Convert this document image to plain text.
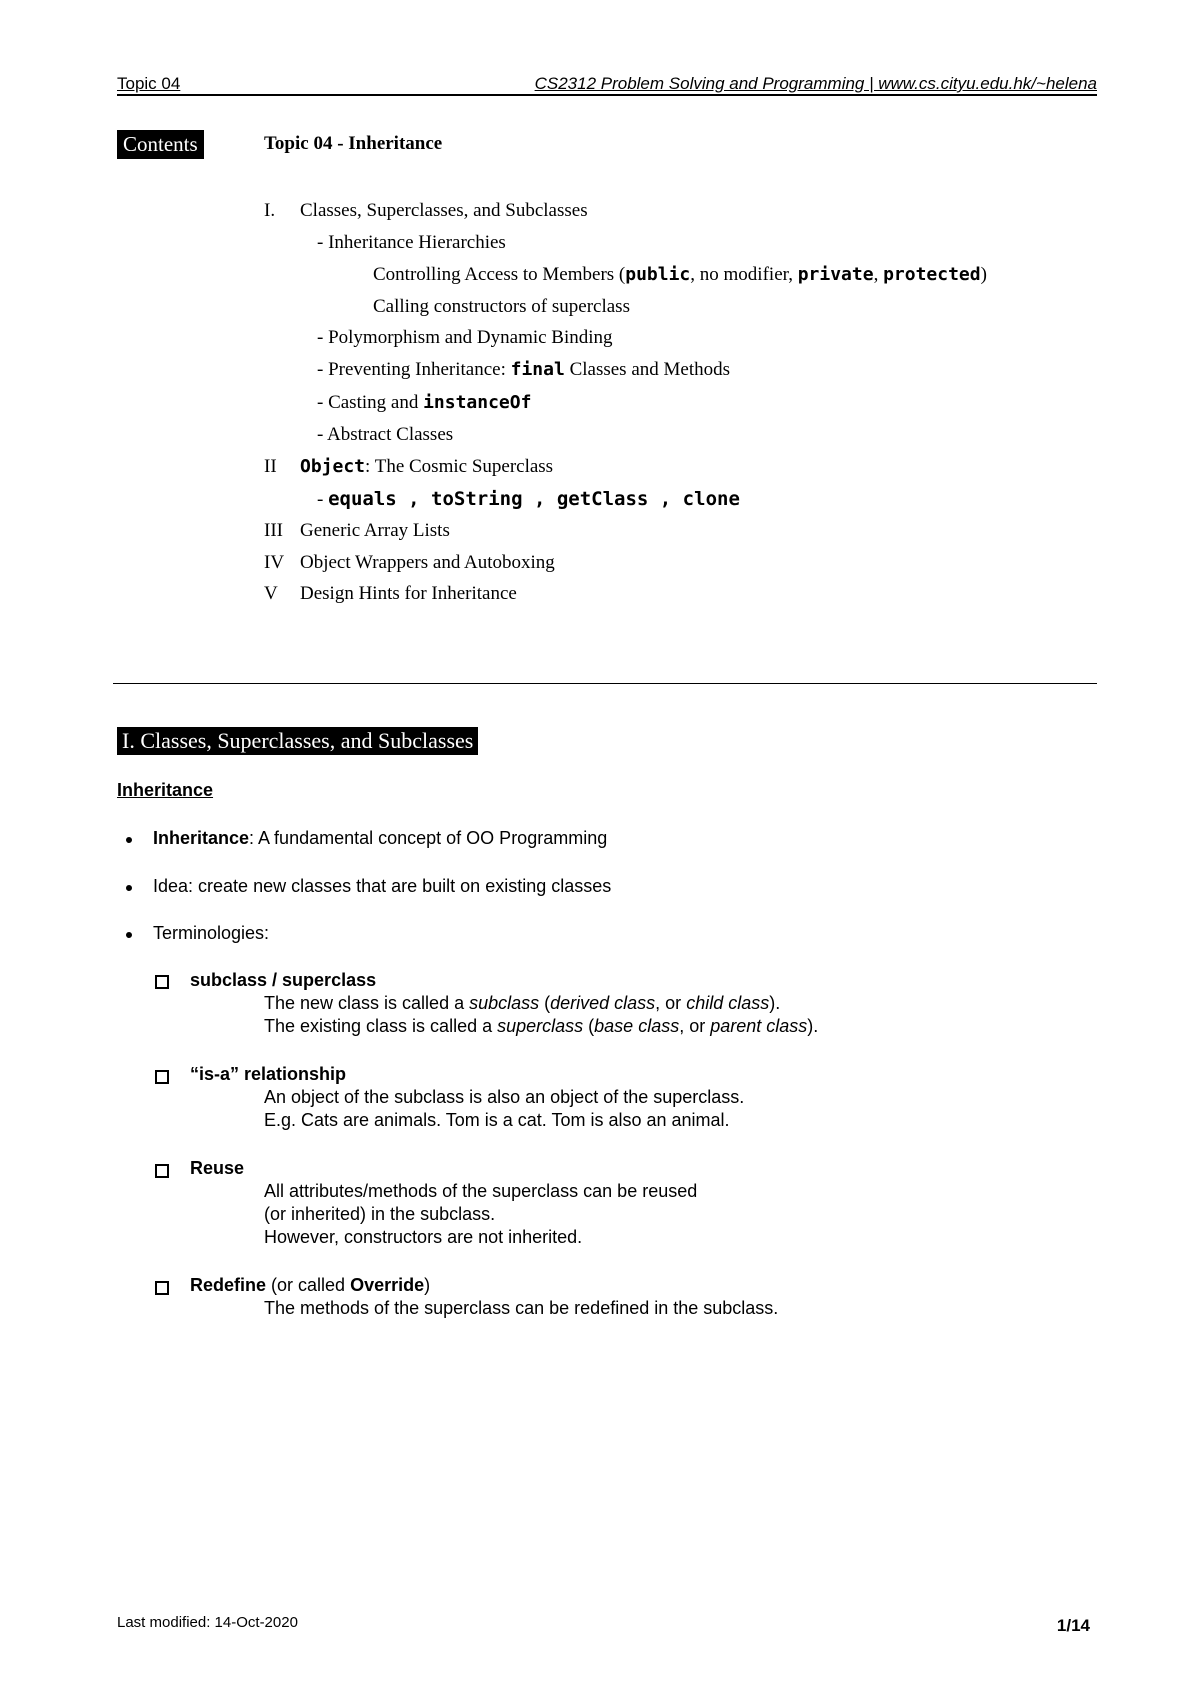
Topic 04	CS2312 Problem Solving and Programming | www.cs.cityu.edu.hk/~helena
Contents	Topic 04 - Inheritance
I. Classes, Superclasses, and Subclasses
- Inheritance Hierarchies
Controlling Access to Members (public, no modifier, private, protected)
Calling constructors of superclass
- Polymorphism and Dynamic Binding
- Preventing Inheritance: final Classes and Methods
- Casting and instanceOf
- Abstract Classes
II Object: The Cosmic Superclass
- equals , toString , getClass , clone
III Generic Array Lists
IV Object Wrappers and Autoboxing
V Design Hints for Inheritance
I. Classes, Superclasses, and Subclasses
Inheritance
Inheritance: A fundamental concept of OO Programming
Idea: create new classes that are built on existing classes
Terminologies:
subclass / superclass
The new class is called a subclass (derived class, or child class).
The existing class is called a superclass (base class, or parent class).
“is-a” relationship
An object of the subclass is also an object of the superclass.
E.g. Cats are animals. Tom is a cat. Tom is also an animal.
Reuse
All attributes/methods of the superclass can be reused
(or inherited) in the subclass.
However, constructors are not inherited.
Redefine (or called Override)
The methods of the superclass can be redefined in the subclass.
Last modified: 14-Oct-2020	1/14
